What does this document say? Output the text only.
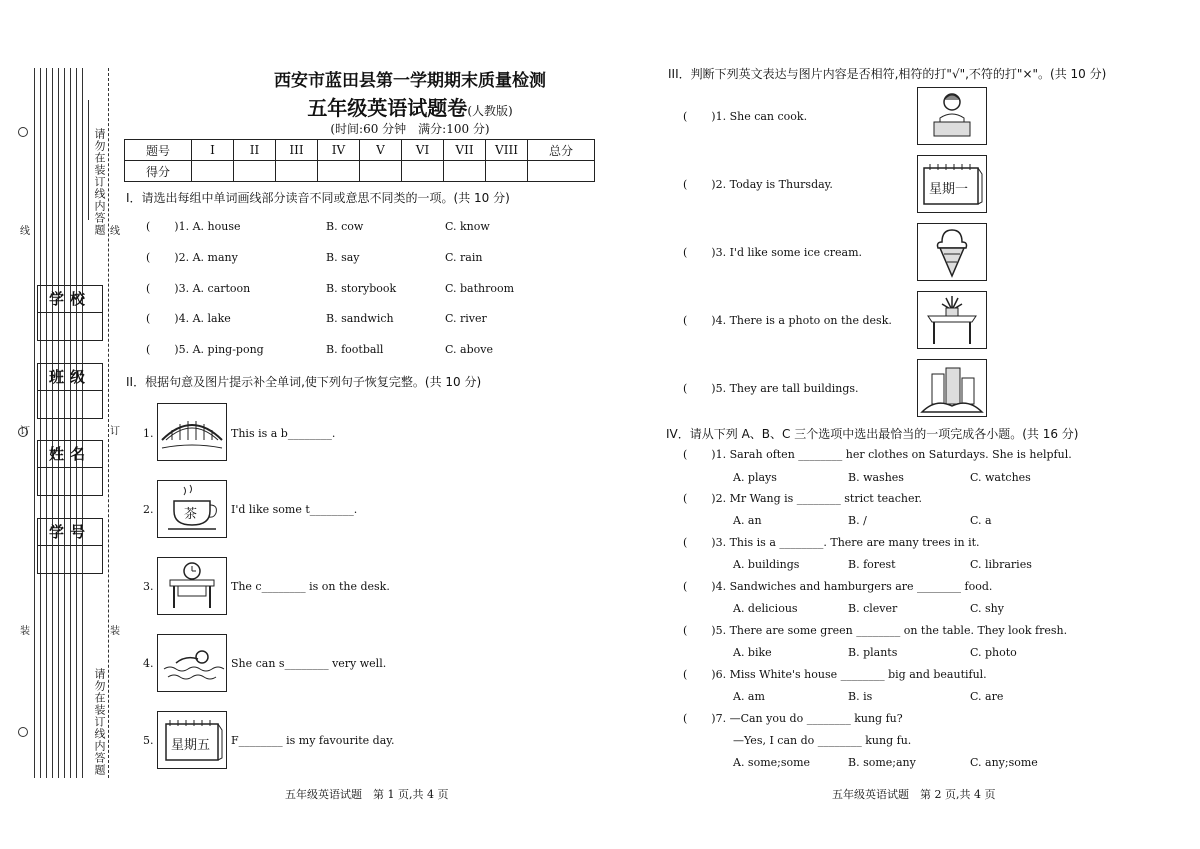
请勿在装订线内答题
请勿在装订线内答题
线	线
订	订
装	装
学校
班级
姓名
学号
西安市蓝田县第一学期期末质量检测
五年级英语试题卷(人教版)
(时间:60 分钟　满分:100 分)
题号	I	II	III	IV	V	VI	VII	VIII	总分
得分									
I．请选出每组中单词画线部分读音不同或意思不同类的一项。(共 10 分)
( )1. A. house	B. cow	C. know
( )2. A. many	B. say	C. rain
( )3. A. cartoon	B. storybook	C. bathroom
( )4. A. lake	B. sandwich	C. river
( )5. A. ping-pong	B. football	C. above
II．根据句意及图片提示补全单词,使下列句子恢复完整。(共 10 分)
1.	This is a b________.
2. 茶	I'd like some t________.
3.	The c________ is on the desk.
4.	She can s________ very well.
5. 星期五 F________ is my favourite day.
五年级英语试题　第 1 页,共 4 页
III．判断下列英文表达与图片内容是否相符,相符的打"√",不符的打"×"。(共 10 分)
( )1. She can cook.
( )2. Today is Thursday.	星期一
( )3. I'd like some ice cream.
( )4. There is a photo on the desk.
( )5. They are tall buildings.
IV．请从下列 A、B、C 三个选项中选出最恰当的一项完成各小题。(共 16 分)
( )1. Sarah often ________ her clothes on Saturdays. She is helpful.
A. plays	B. washes	C. watches
( )2. Mr Wang is ________ strict teacher.
A. an	B. /	C. a
( )3. This is a ________. There are many trees in it.
A. buildings	B. forest	C. libraries
( )4. Sandwiches and hamburgers are ________ food.
A. delicious	B. clever	C. shy
( )5. There are some green ________ on the table. They look fresh.
A. bike	B. plants	C. photo
( )6. Miss White's house ________ big and beautiful.
A. am	B. is	C. are
( )7. —Can you do ________ kung fu?
—Yes, I can do ________ kung fu.
A. some;some	B. some;any	C. any;some
五年级英语试题　第 2 页,共 4 页
